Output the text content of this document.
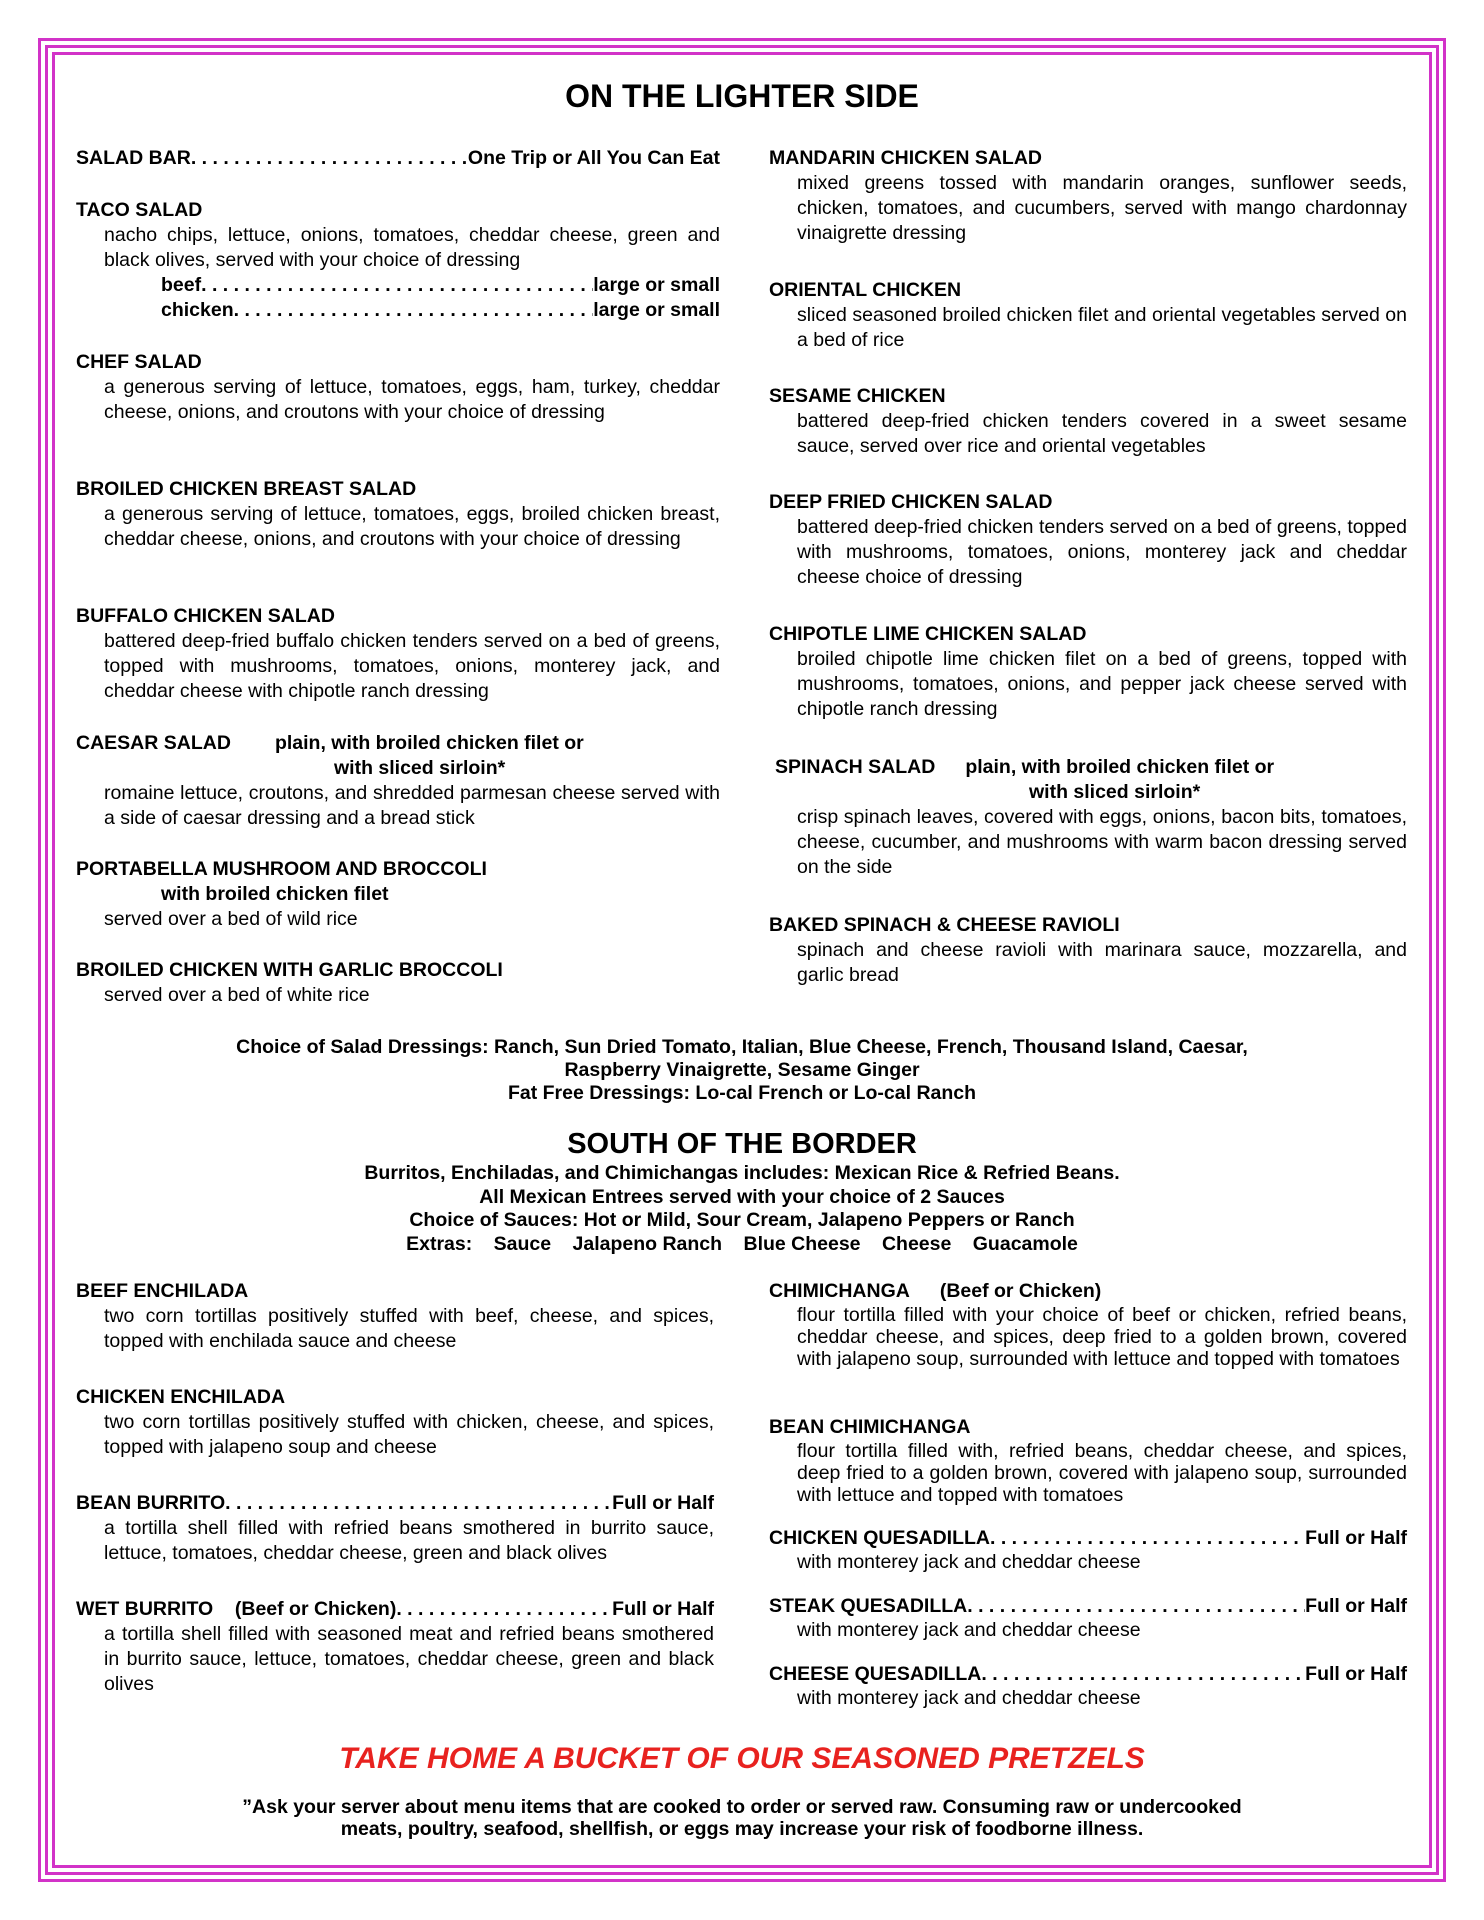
ON THE LIGHTER SIDE
SALAD BAR . . .	One Trip or All You Can Eat
TACO SALAD
nacho chips, lettuce, onions, tomatoes, cheddar cheese, green and black olives, served with your choice of dressing
beef . . .	large or small
chicken . . .	large or small
CHEF SALAD
a generous serving of lettuce, tomatoes, eggs, ham, turkey, cheddar cheese, onions, and croutons with your choice of dressing
BROILED CHICKEN BREAST SALAD
a generous serving of lettuce, tomatoes, eggs, broiled chicken breast, cheddar cheese, onions, and croutons with your choice of dressing
BUFFALO CHICKEN SALAD
battered deep-fried buffalo chicken tenders served on a bed of greens, topped with mushrooms, tomatoes, onions, monterey jack, and cheddar cheese with chipotle ranch dressing
CAESAR SALAD plain, with broiled chicken filet or
with sliced sirloin*
romaine lettuce, croutons, and shredded parmesan cheese served with a side of caesar dressing and a bread stick
PORTABELLA MUSHROOM AND BROCCOLI
with broiled chicken filet
served over a bed of wild rice
BROILED CHICKEN WITH GARLIC BROCCOLI
served over a bed of white rice
MANDARIN CHICKEN SALAD
mixed greens tossed with mandarin oranges, sunflower seeds, chicken, tomatoes, and cucumbers, served with mango chardonnay vinaigrette dressing
ORIENTAL CHICKEN
sliced seasoned broiled chicken filet and oriental vegetables served on a bed of rice
SESAME CHICKEN
battered deep-fried chicken tenders covered in a sweet sesame sauce, served over rice and oriental vegetables
DEEP FRIED CHICKEN SALAD
battered deep-fried chicken tenders served on a bed of greens, topped with mushrooms, tomatoes, onions, monterey jack and cheddar cheese choice of dressing
CHIPOTLE LIME CHICKEN SALAD
broiled chipotle lime chicken filet on a bed of greens, topped with mushrooms, tomatoes, onions, and pepper jack cheese served with chipotle ranch dressing
SPINACH SALAD plain, with broiled chicken filet or
with sliced sirloin*
crisp spinach leaves, covered with eggs, onions, bacon bits, tomatoes, cheese, cucumber, and mushrooms with warm bacon dressing served on the side
BAKED SPINACH & CHEESE RAVIOLI
spinach and cheese ravioli with marinara sauce, mozzarella, and garlic bread
Choice of Salad Dressings: Ranch, Sun Dried Tomato, Italian, Blue Cheese, French, Thousand Island, Caesar,
Raspberry Vinaigrette, Sesame Ginger
Fat Free Dressings: Lo-cal French or Lo-cal Ranch
SOUTH OF THE BORDER
Burritos, Enchiladas, and Chimichangas includes: Mexican Rice & Refried Beans.
All Mexican Entrees served with your choice of 2 Sauces
Choice of Sauces: Hot or Mild, Sour Cream, Jalapeno Peppers or Ranch
Extras: Sauce Jalapeno Ranch Blue Cheese Cheese Guacamole
BEEF ENCHILADA
two corn tortillas positively stuffed with beef, cheese, and spices, topped with enchilada sauce and cheese
CHICKEN ENCHILADA
two corn tortillas positively stuffed with chicken, cheese, and spices, topped with jalapeno soup and cheese
BEAN BURRITO . . .	Full or Half
a tortilla shell filled with refried beans smothered in burrito sauce, lettuce, tomatoes, cheddar cheese, green and black olives
WET BURRITO    (Beef or Chicken) . . .	Full or Half
a tortilla shell filled with seasoned meat and refried beans smothered in burrito sauce, lettuce, tomatoes, cheddar cheese, green and black olives
CHIMICHANGA (Beef or Chicken)
flour tortilla filled with your choice of beef or chicken, refried beans, cheddar cheese, and spices, deep fried to a golden brown, covered with jalapeno soup, surrounded with lettuce and topped with tomatoes
BEAN CHIMICHANGA
flour tortilla filled with, refried beans, cheddar cheese, and spices, deep fried to a golden brown, covered with jalapeno soup, surrounded with lettuce and topped with tomatoes
CHICKEN QUESADILLA . . .	Full or Half
with monterey jack and cheddar cheese
STEAK QUESADILLA . . .	Full or Half
with monterey jack and cheddar cheese
CHEESE QUESADILLA . . .	Full or Half
with monterey jack and cheddar cheese
TAKE HOME A BUCKET OF OUR SEASONED PRETZELS
”Ask your server about menu items that are cooked to order or served raw. Consuming raw or undercooked
meats, poultry, seafood, shellfish, or eggs may increase your risk of foodborne illness.
